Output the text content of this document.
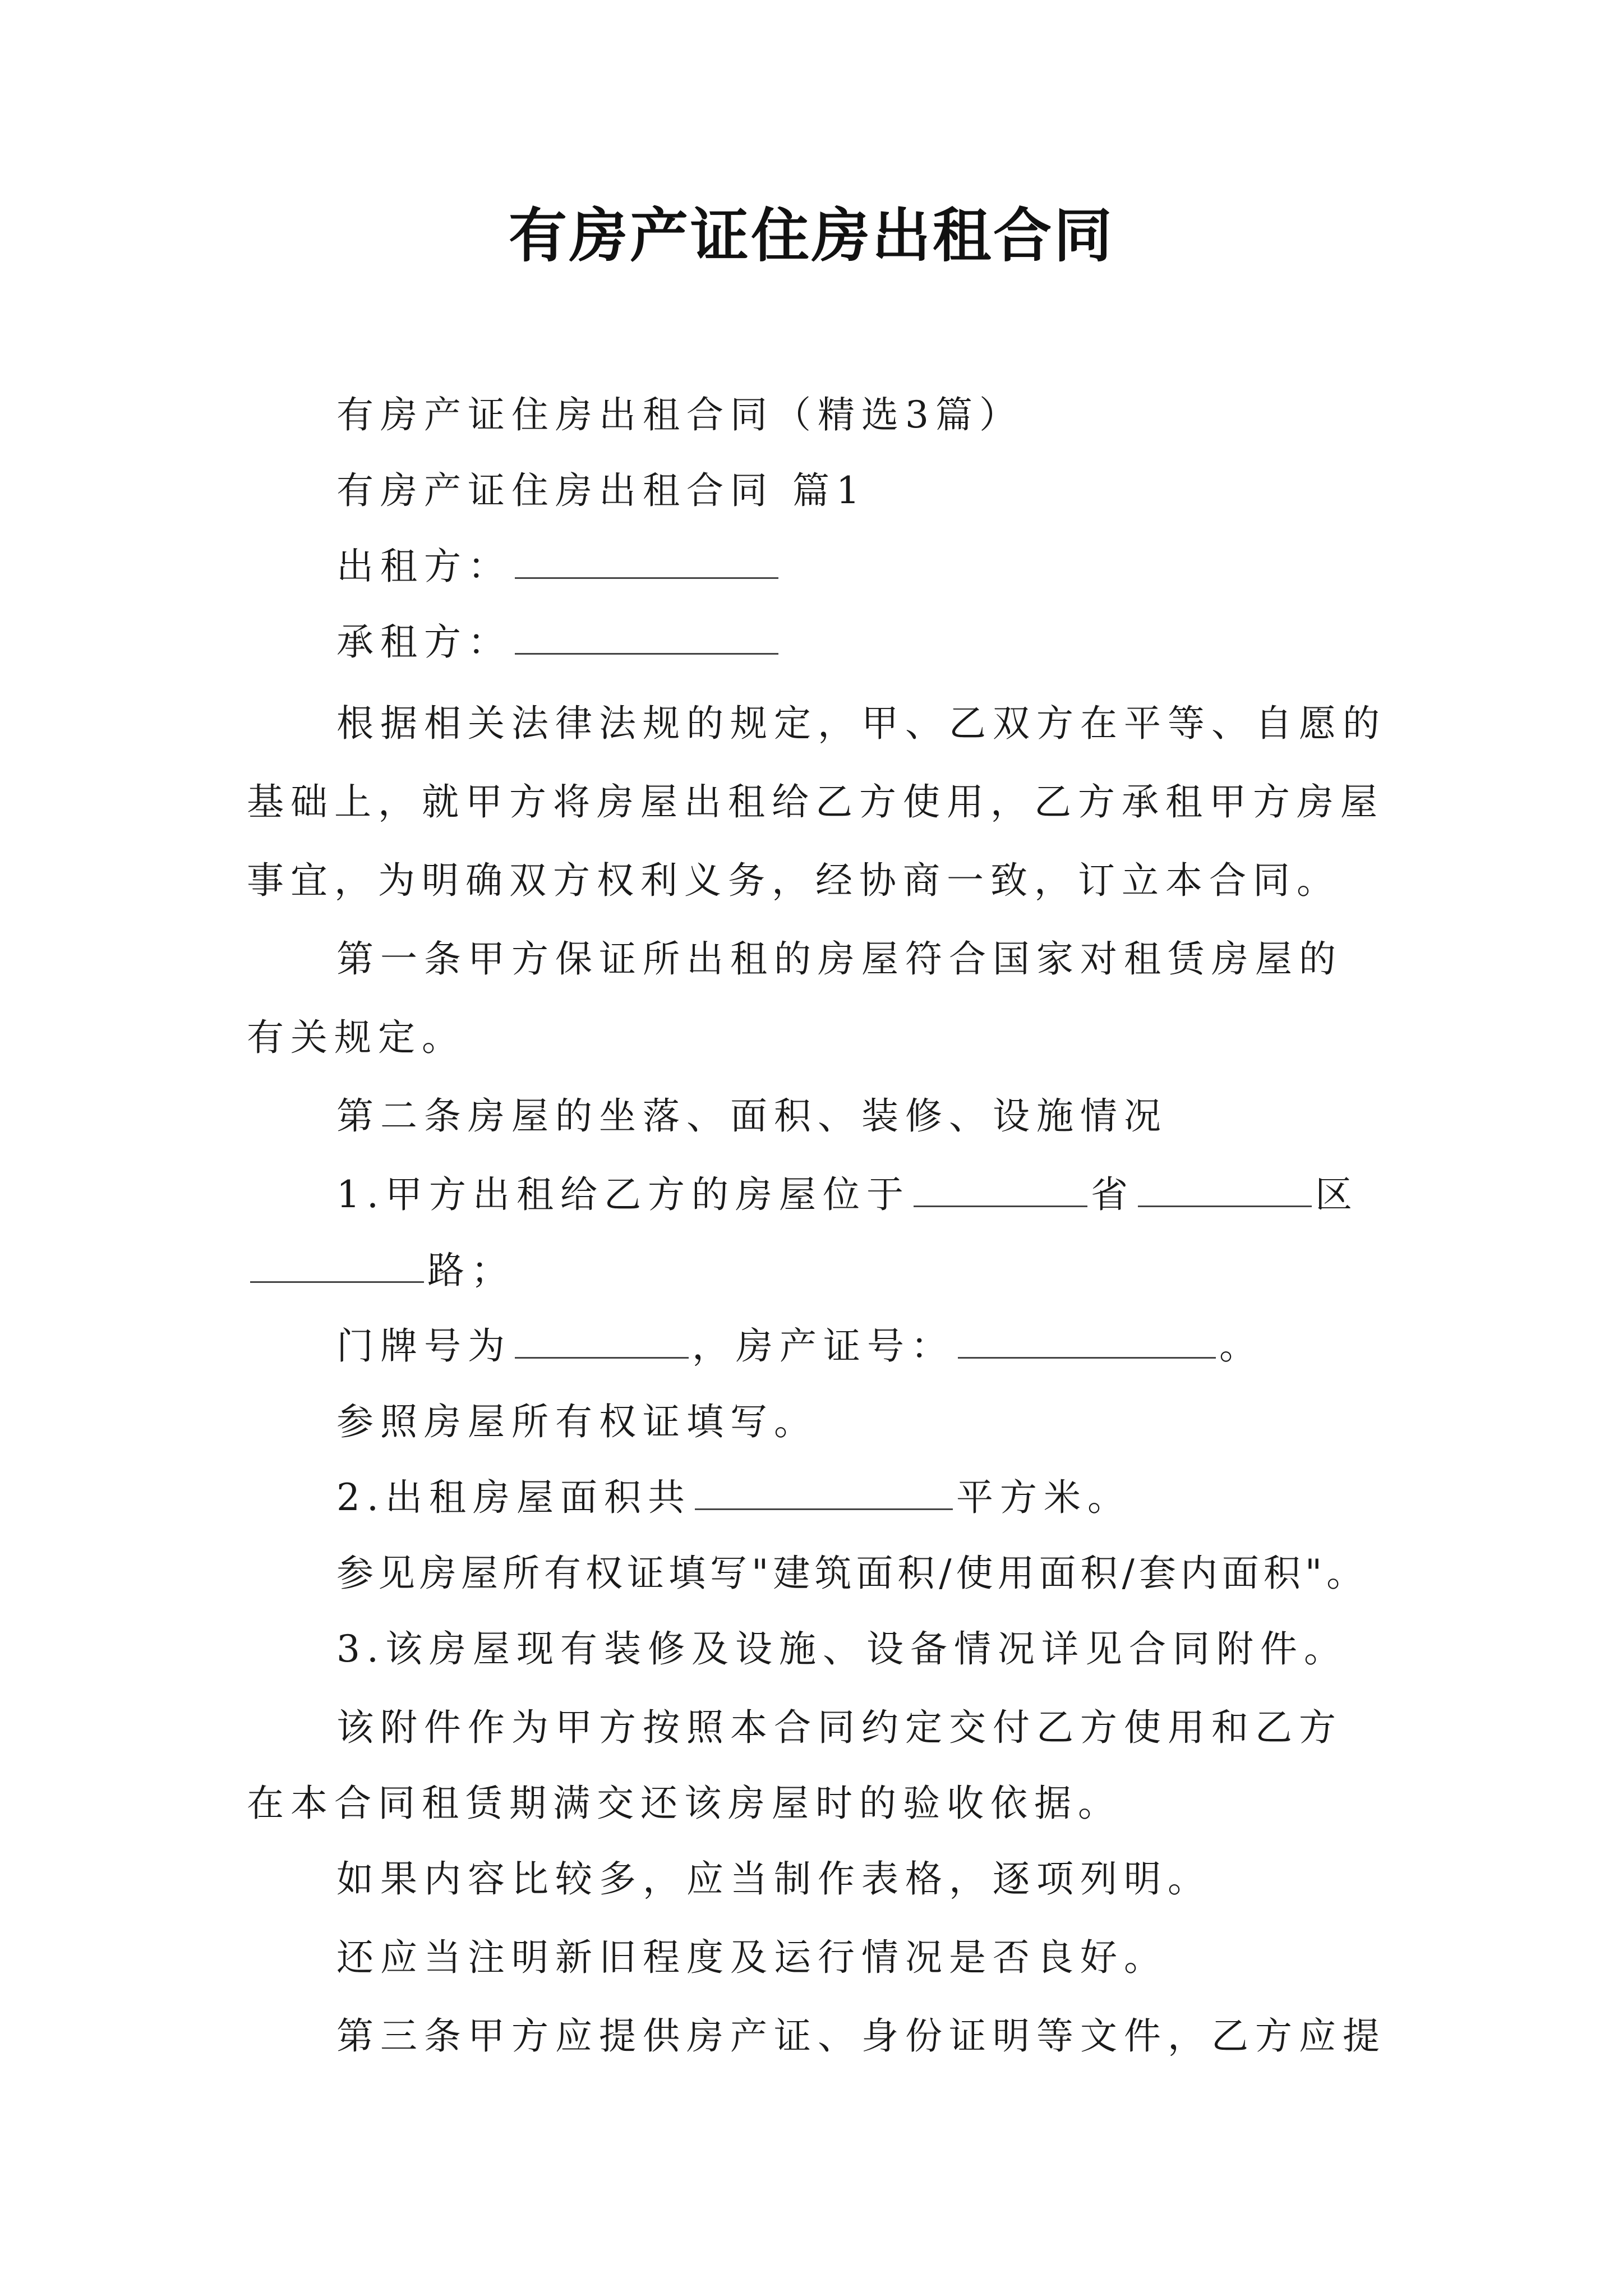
有房产证住房出租合同
有房产证住房出租合同（精选3篇）
有房产证住房出租合同 篇1
出租方：
承租方：
根据相关法律法规的规定，甲、乙双方在平等、自愿的
基础上，就甲方将房屋出租给乙方使用，乙方承租甲方房屋
事宜，为明确双方权利义务，经协商一致，订立本合同。
第一条甲方保证所出租的房屋符合国家对租赁房屋的
有关规定。
第二条房屋的坐落、面积、装修、设施情况
1.甲方出租给乙方的房屋位于	省	区
路；
门牌号为	，房产证号：	。
参照房屋所有权证填写。
2.出租房屋面积共	平方米。
参见房屋所有权证填写"建筑面积/使用面积/套内面积"。
3.该房屋现有装修及设施、设备情况详见合同附件。
该附件作为甲方按照本合同约定交付乙方使用和乙方
在本合同租赁期满交还该房屋时的验收依据。
如果内容比较多，应当制作表格，逐项列明。
还应当注明新旧程度及运行情况是否良好。
第三条甲方应提供房产证、身份证明等文件，乙方应提
